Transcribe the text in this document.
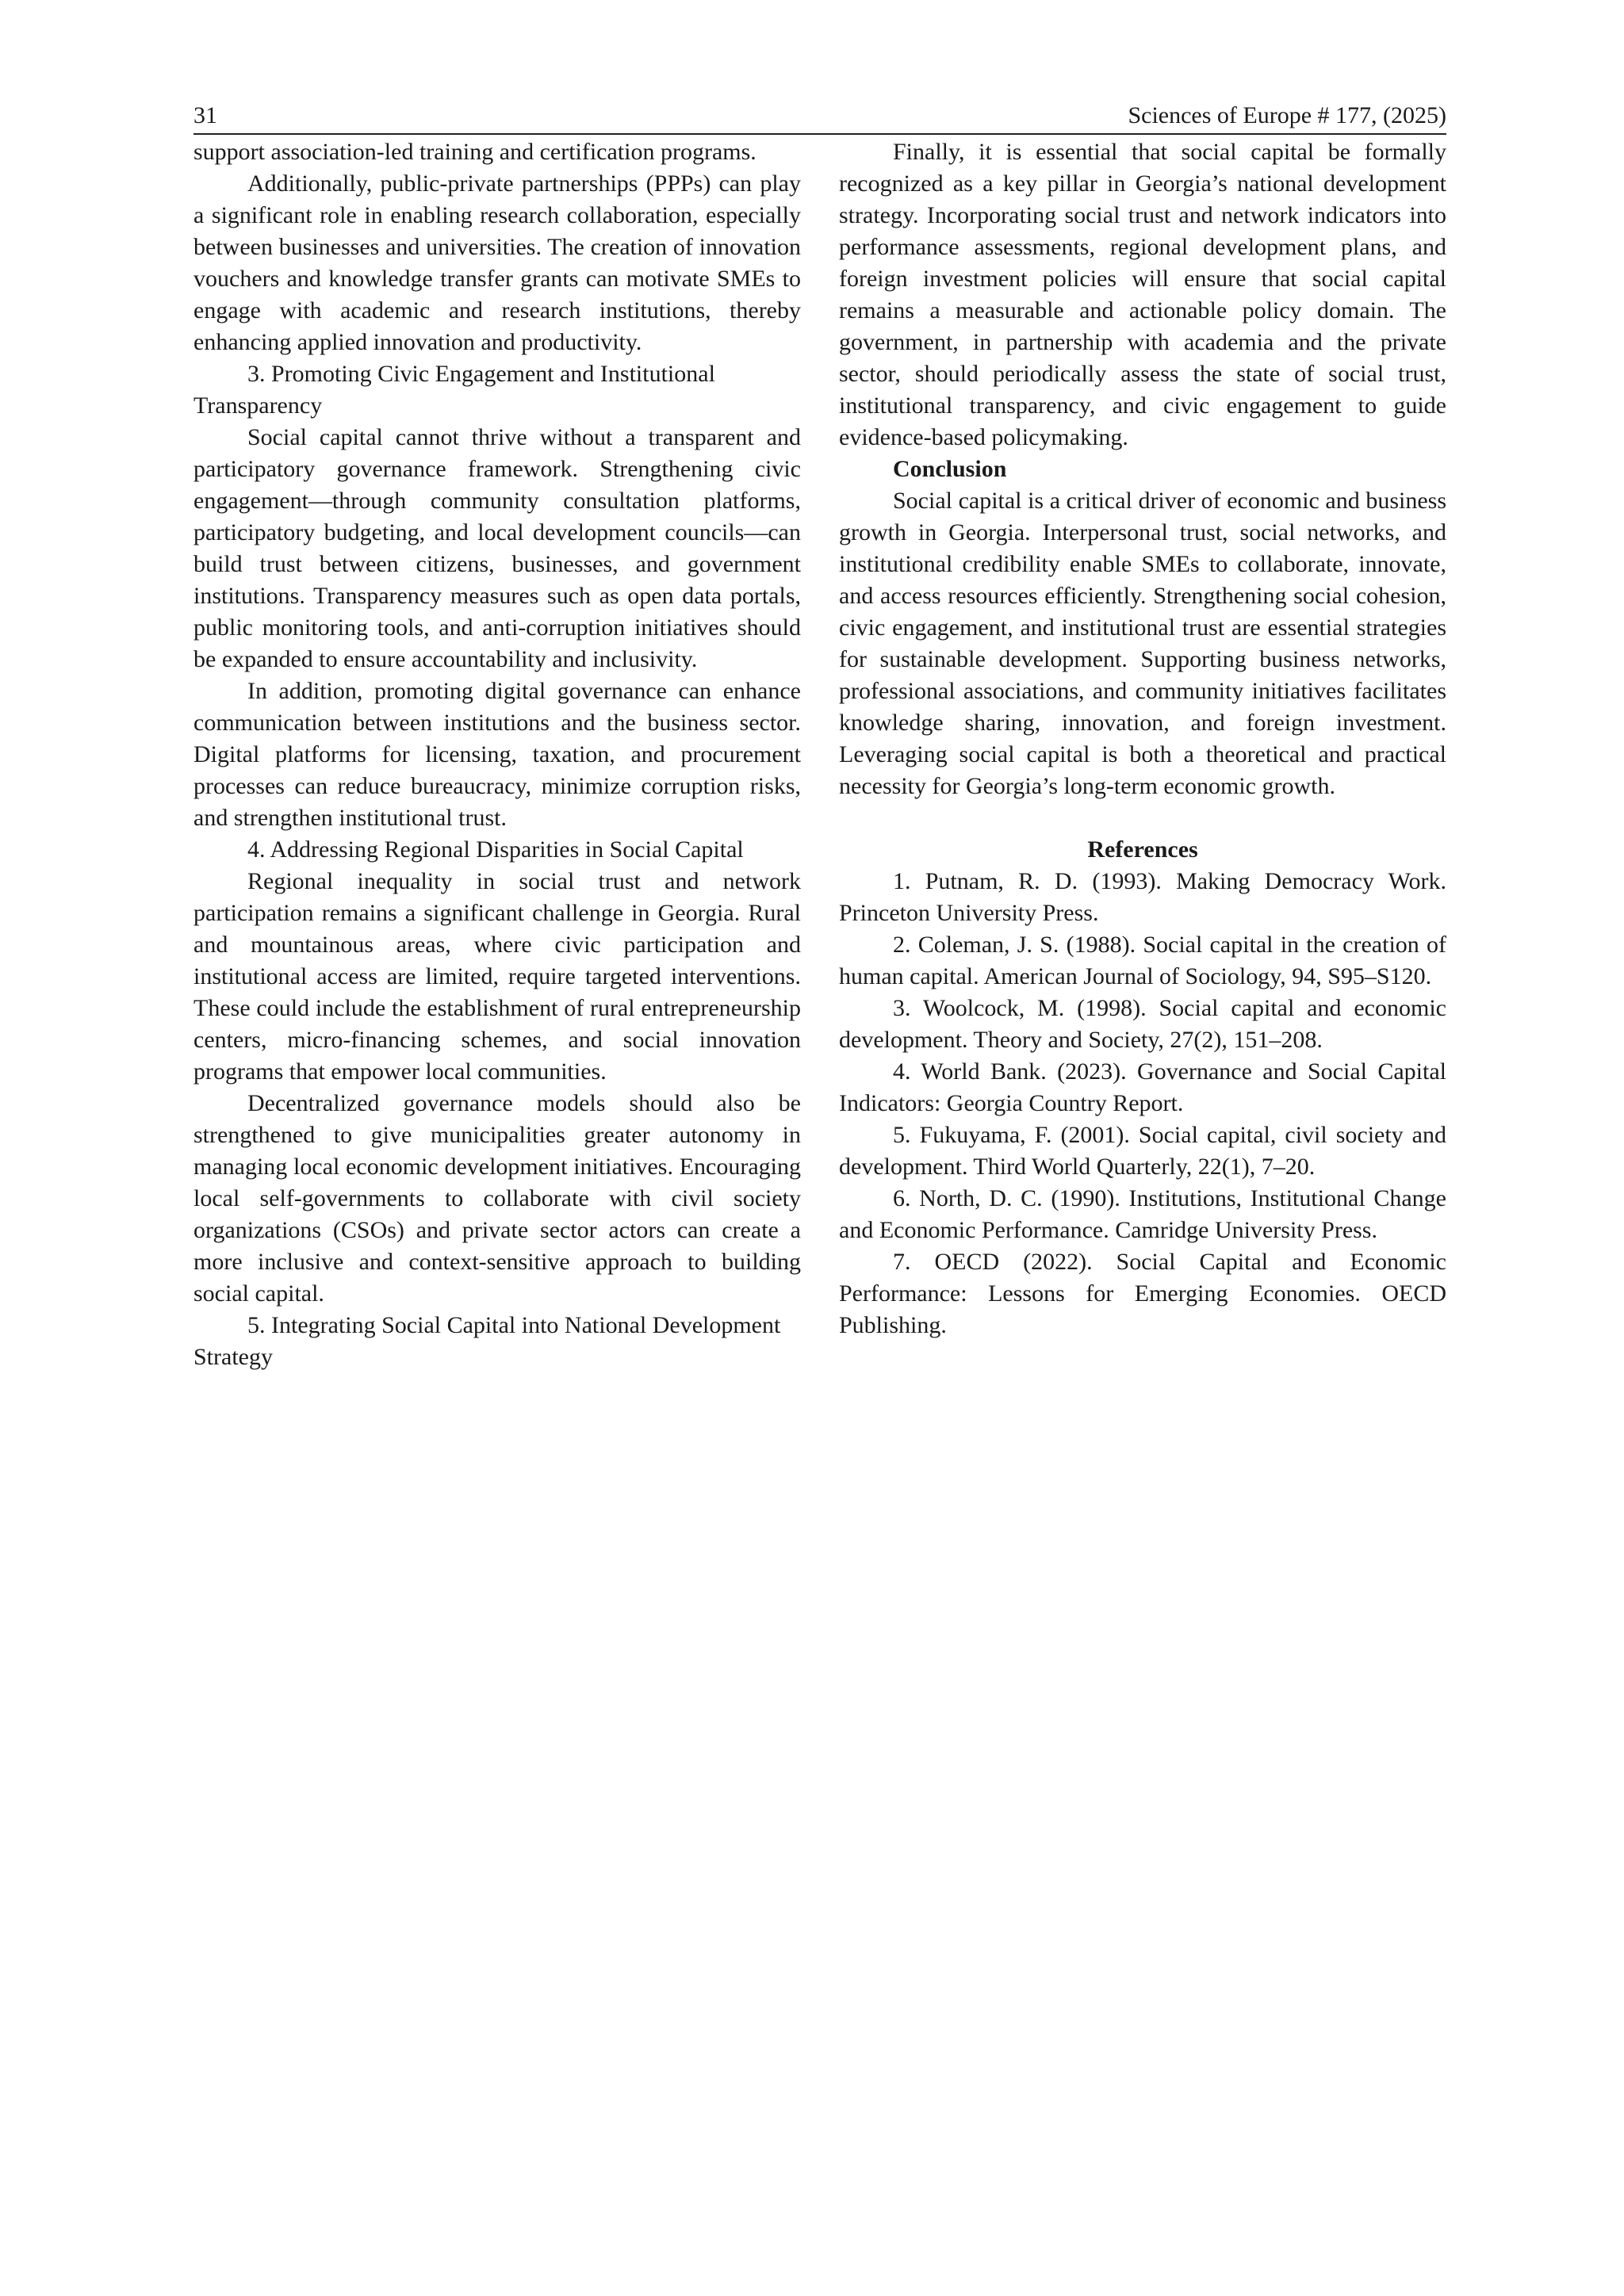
31	Sciences of Europe # 177, (2025)

support association-led training and certification programs.

Additionally, public-private partnerships (PPPs) can play a significant role in enabling research collaboration, especially between businesses and universities. The creation of innovation vouchers and knowledge transfer grants can motivate SMEs to engage with academic and research institutions, thereby enhancing applied innovation and productivity.

3. Promoting Civic Engagement and Institutional Transparency

Social capital cannot thrive without a transparent and participatory governance framework. Strengthening civic engagement—through community consultation platforms, participatory budgeting, and local development councils—can build trust between citizens, businesses, and government institutions. Transparency measures such as open data portals, public monitoring tools, and anti-corruption initiatives should be expanded to ensure accountability and inclusivity.

In addition, promoting digital governance can enhance communication between institutions and the business sector. Digital platforms for licensing, taxation, and procurement processes can reduce bureaucracy, minimize corruption risks, and strengthen institutional trust.

4. Addressing Regional Disparities in Social Capital

Regional inequality in social trust and network participation remains a significant challenge in Georgia. Rural and mountainous areas, where civic participation and institutional access are limited, require targeted interventions. These could include the establishment of rural entrepreneurship centers, micro-financing schemes, and social innovation programs that empower local communities.

Decentralized governance models should also be strengthened to give municipalities greater autonomy in managing local economic development initiatives. Encouraging local self-governments to collaborate with civil society organizations (CSOs) and private sector actors can create a more inclusive and context-sensitive approach to building social capital.

5. Integrating Social Capital into National Development Strategy

Finally, it is essential that social capital be formally recognized as a key pillar in Georgia’s national development strategy. Incorporating social trust and network indicators into performance assessments, regional development plans, and foreign investment policies will ensure that social capital remains a measurable and actionable policy domain. The government, in partnership with academia and the private sector, should periodically assess the state of social trust, institutional transparency, and civic engagement to guide evidence-based policymaking.

Conclusion

Social capital is a critical driver of economic and business growth in Georgia. Interpersonal trust, social networks, and institutional credibility enable SMEs to collaborate, innovate, and access resources efficiently. Strengthening social cohesion, civic engagement, and institutional trust are essential strategies for sustainable development. Supporting business networks, professional associations, and community initiatives facilitates knowledge sharing, innovation, and foreign investment. Leveraging social capital is both a theoretical and practical necessity for Georgia’s long-term economic growth.

References

1. Putnam, R. D. (1993). Making Democracy Work. Princeton University Press.

2. Coleman, J. S. (1988). Social capital in the creation of human capital. American Journal of Sociology, 94, S95–S120.

3. Woolcock, M. (1998). Social capital and economic development. Theory and Society, 27(2), 151–208.

4. World Bank. (2023). Governance and Social Capital Indicators: Georgia Country Report.

5. Fukuyama, F. (2001). Social capital, civil society and development. Third World Quarterly, 22(1), 7–20.

6. North, D. C. (1990). Institutions, Institutional Change and Economic Performance. Camridge University Press.

7. OECD (2022). Social Capital and Economic Performance: Lessons for Emerging Economies. OECD Publishing.
